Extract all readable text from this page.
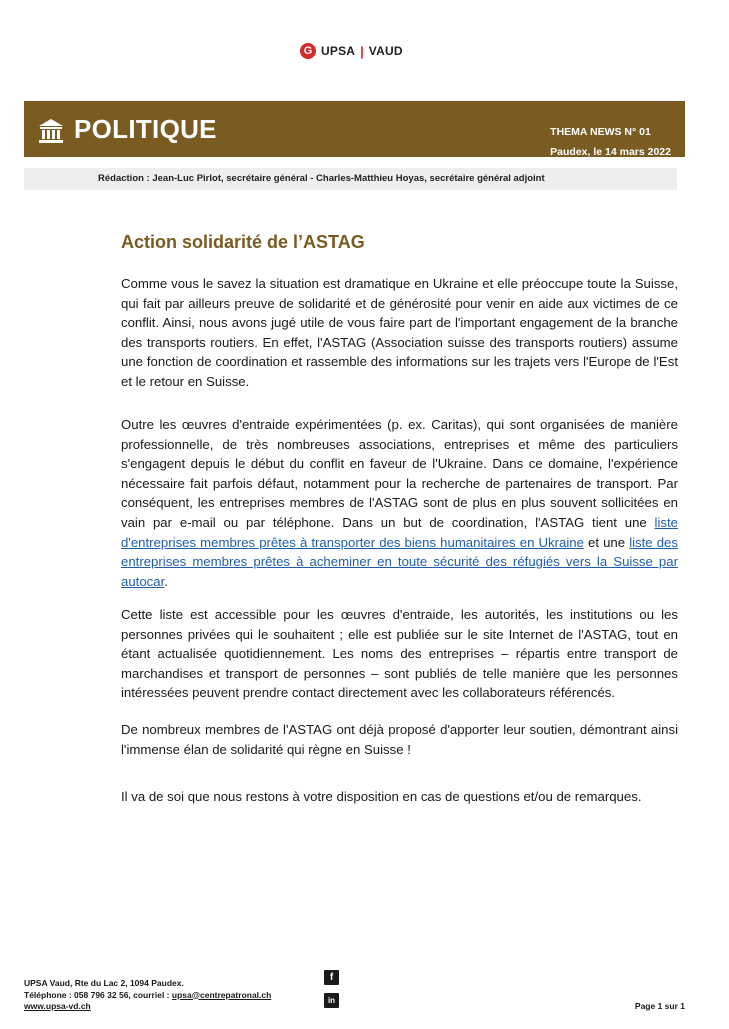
G UPSA | VAUD
POLITIQUE	THEMA NEWS N° 01
Paudex, le 14 mars 2022
Rédaction : Jean-Luc Pirlot, secrétaire général - Charles-Matthieu Hoyas, secrétaire général adjoint
Action solidarité de l’ASTAG

Comme vous le savez la situation est dramatique en Ukraine et elle préoccupe toute la Suisse, qui fait par ailleurs preuve de solidarité et de générosité pour venir en aide aux victimes de ce conflit. Ainsi, nous avons jugé utile de vous faire part de l'important engagement de la branche des transports routiers. En effet, l'ASTAG (Association suisse des transports routiers) assume une fonction de coordination et rassemble des informations sur les trajets vers l'Europe de l'Est et le retour en Suisse.

Outre les œuvres d'entraide expérimentées (p. ex. Caritas), qui sont organisées de manière professionnelle, de très nombreuses associations, entreprises et même des particuliers s'engagent depuis le début du conflit en faveur de l'Ukraine. Dans ce domaine, l'expérience nécessaire fait parfois défaut, notamment pour la recherche de partenaires de transport. Par conséquent, les entreprises membres de l'ASTAG sont de plus en plus souvent sollicitées en vain par e-mail ou par téléphone. Dans un but de coordination, l'ASTAG tient une liste d'entreprises membres prêtes à transporter des biens humanitaires en Ukraine et une liste des entreprises membres prêtes à acheminer en toute sécurité des réfugiés vers la Suisse par autocar.

Cette liste est accessible pour les œuvres d'entraide, les autorités, les institutions ou les personnes privées qui le souhaitent ; elle est publiée sur le site Internet de l'ASTAG, tout en étant actualisée quotidiennement. Les noms des entreprises – répartis entre transport de marchandises et transport de personnes – sont publiés de telle manière que les personnes intéressées peuvent prendre contact directement avec les collaborateurs référencés.

De nombreux membres de l'ASTAG ont déjà proposé d'apporter leur soutien, démontrant ainsi l'immense élan de solidarité qui règne en Suisse !

Il va de soi que nous restons à votre disposition en cas de questions et/ou de remarques.

UPSA Vaud, Rte du Lac 2, 1094 Paudex.
Téléphone : 058 796 32 56, courriel : upsa@centrepatronal.ch
www.upsa-vd.ch
f
in
Page 1 sur 1
